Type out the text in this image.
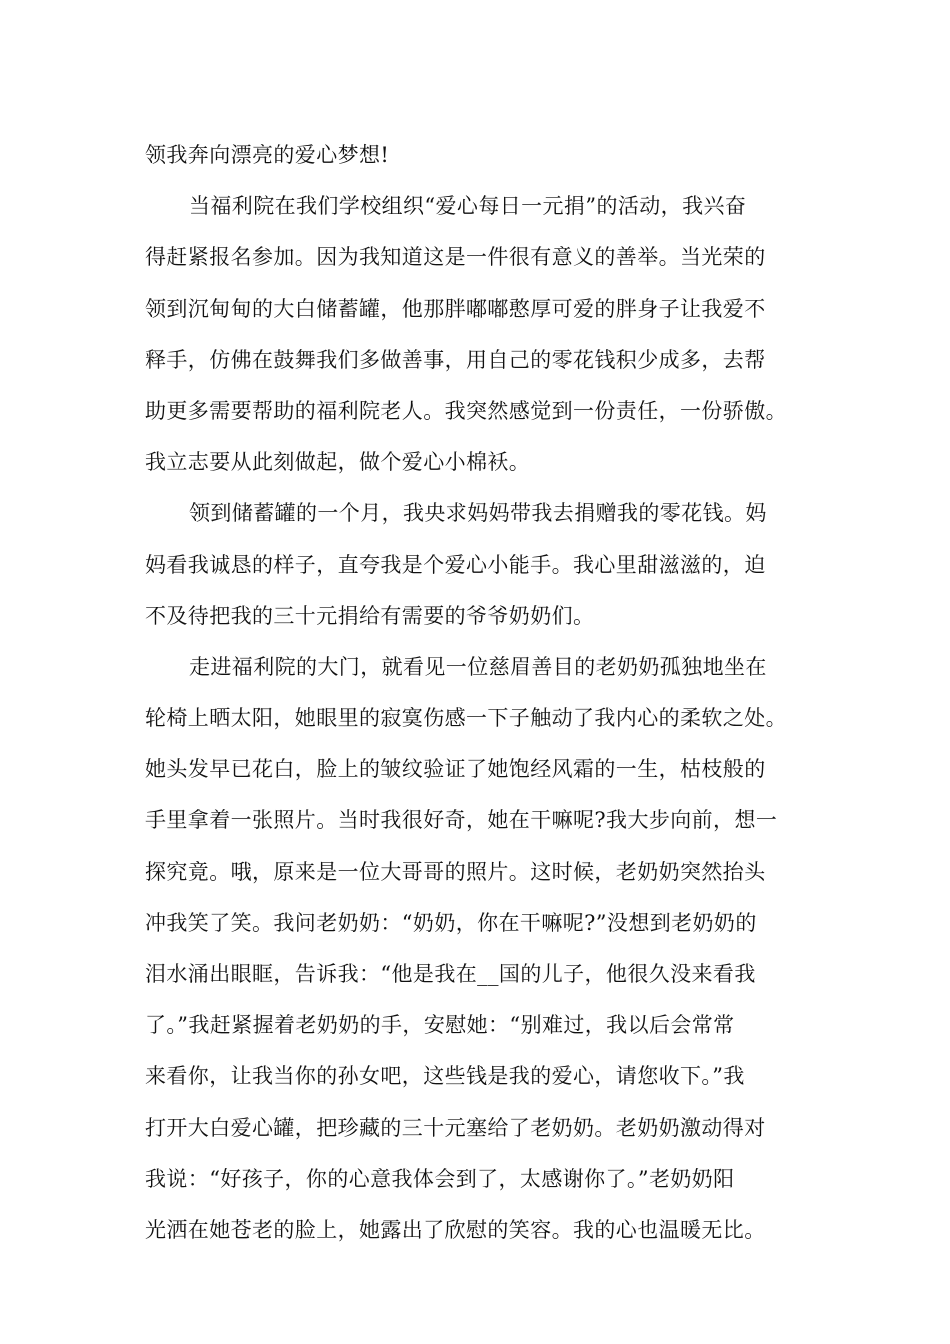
领我奔向漂亮的爱心梦想!
当福利院在我们学校组织“爱心每日一元捐”的活动，我兴奋
得赶紧报名参加。因为我知道这是一件很有意义的善举。当光荣的
领到沉甸甸的大白储蓄罐，他那胖嘟嘟憨厚可爱的胖身子让我爱不
释手，仿佛在鼓舞我们多做善事，用自己的零花钱积少成多，去帮
助更多需要帮助的福利院老人。我突然感觉到一份责任，一份骄傲。
我立志要从此刻做起，做个爱心小棉袄。
领到储蓄罐的一个月，我央求妈妈带我去捐赠我的零花钱。妈
妈看我诚恳的样子，直夸我是个爱心小能手。我心里甜滋滋的，迫
不及待把我的三十元捐给有需要的爷爷奶奶们。
走进福利院的大门，就看见一位慈眉善目的老奶奶孤独地坐在
轮椅上晒太阳，她眼里的寂寞伤感一下子触动了我内心的柔软之处。
她头发早已花白，脸上的皱纹验证了她饱经风霜的一生，枯枝般的
手里拿着一张照片。当时我很好奇，她在干嘛呢?我大步向前，想一
探究竟。哦，原来是一位大哥哥的照片。这时候，老奶奶突然抬头
冲我笑了笑。我问老奶奶：“奶奶，你在干嘛呢?”没想到老奶奶的
泪水涌出眼眶，告诉我：“他是我在__国的儿子，他很久没来看我
了。”我赶紧握着老奶奶的手，安慰她：“别难过，我以后会常常
来看你，让我当你的孙女吧，这些钱是我的爱心，请您收下。”我
打开大白爱心罐，把珍藏的三十元塞给了老奶奶。老奶奶激动得对
我说：“好孩子，你的心意我体会到了，太感谢你了。”老奶奶阳
光洒在她苍老的脸上，她露出了欣慰的笑容。我的心也温暖无比。
